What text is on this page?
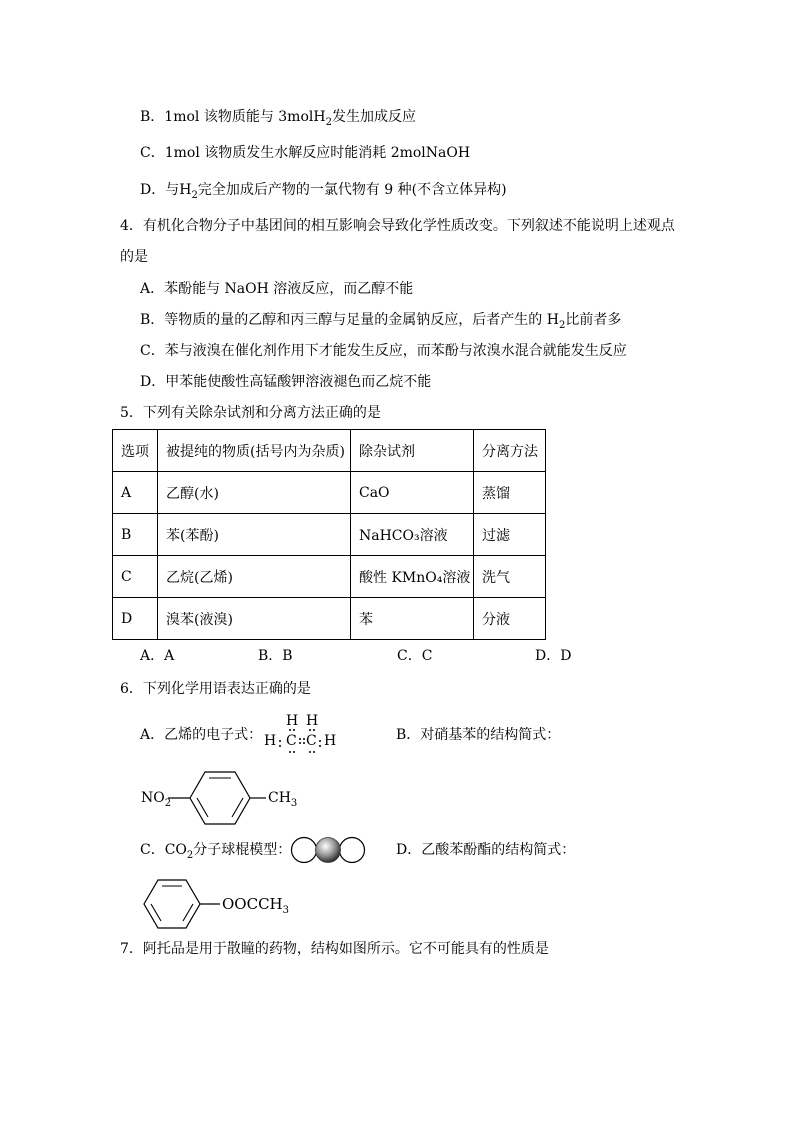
B．1mol 该物质能与 3molH$_2$发生加成反应
C．1mol 该物质发生水解反应时能消耗 2molNaOH
D．与$H_2$完全加成后产物的一氯代物有 9 种(不含立体异构)
4．有机化合物分子中基团间的相互影响会导致化学性质改变。下列叙述不能说明上述观点
的是
A．苯酚能与 NaOH 溶液反应，而乙醇不能
B．等物质的量的乙醇和丙三醇与足量的金属钠反应，后者产生的 $H_2$比前者多
C．苯与液溴在催化剂作用下才能发生反应，而苯酚与浓溴水混合就能发生反应
D．甲苯能使酸性高锰酸钾溶液褪色而乙烷不能
5．下列有关除杂试剂和分离方法正确的是
选项	被提纯的物质(括号内为杂质)	除杂试剂	分离方法
A	乙醇(水)	CaO	蒸馏
B	苯(苯酚)	NaHCO₃溶液	过滤
C	乙烷(乙烯)	酸性 KMnO₄溶液	洗气
D	溴苯(液溴)	苯	分液
A．A	B．B	C．C	D．D
6．下列化学用语表达正确的是
A．乙烯的电子式：
H H
H C C H	B．对硝基苯的结构简式：
$NO_2$	$CH_3$
C．$CO_2$分子球棍模型：	D．乙酸苯酚酯的结构简式：
$OOCCH_3$
7．阿托品是用于散瞳的药物，结构如图所示。它不可能具有的性质是
